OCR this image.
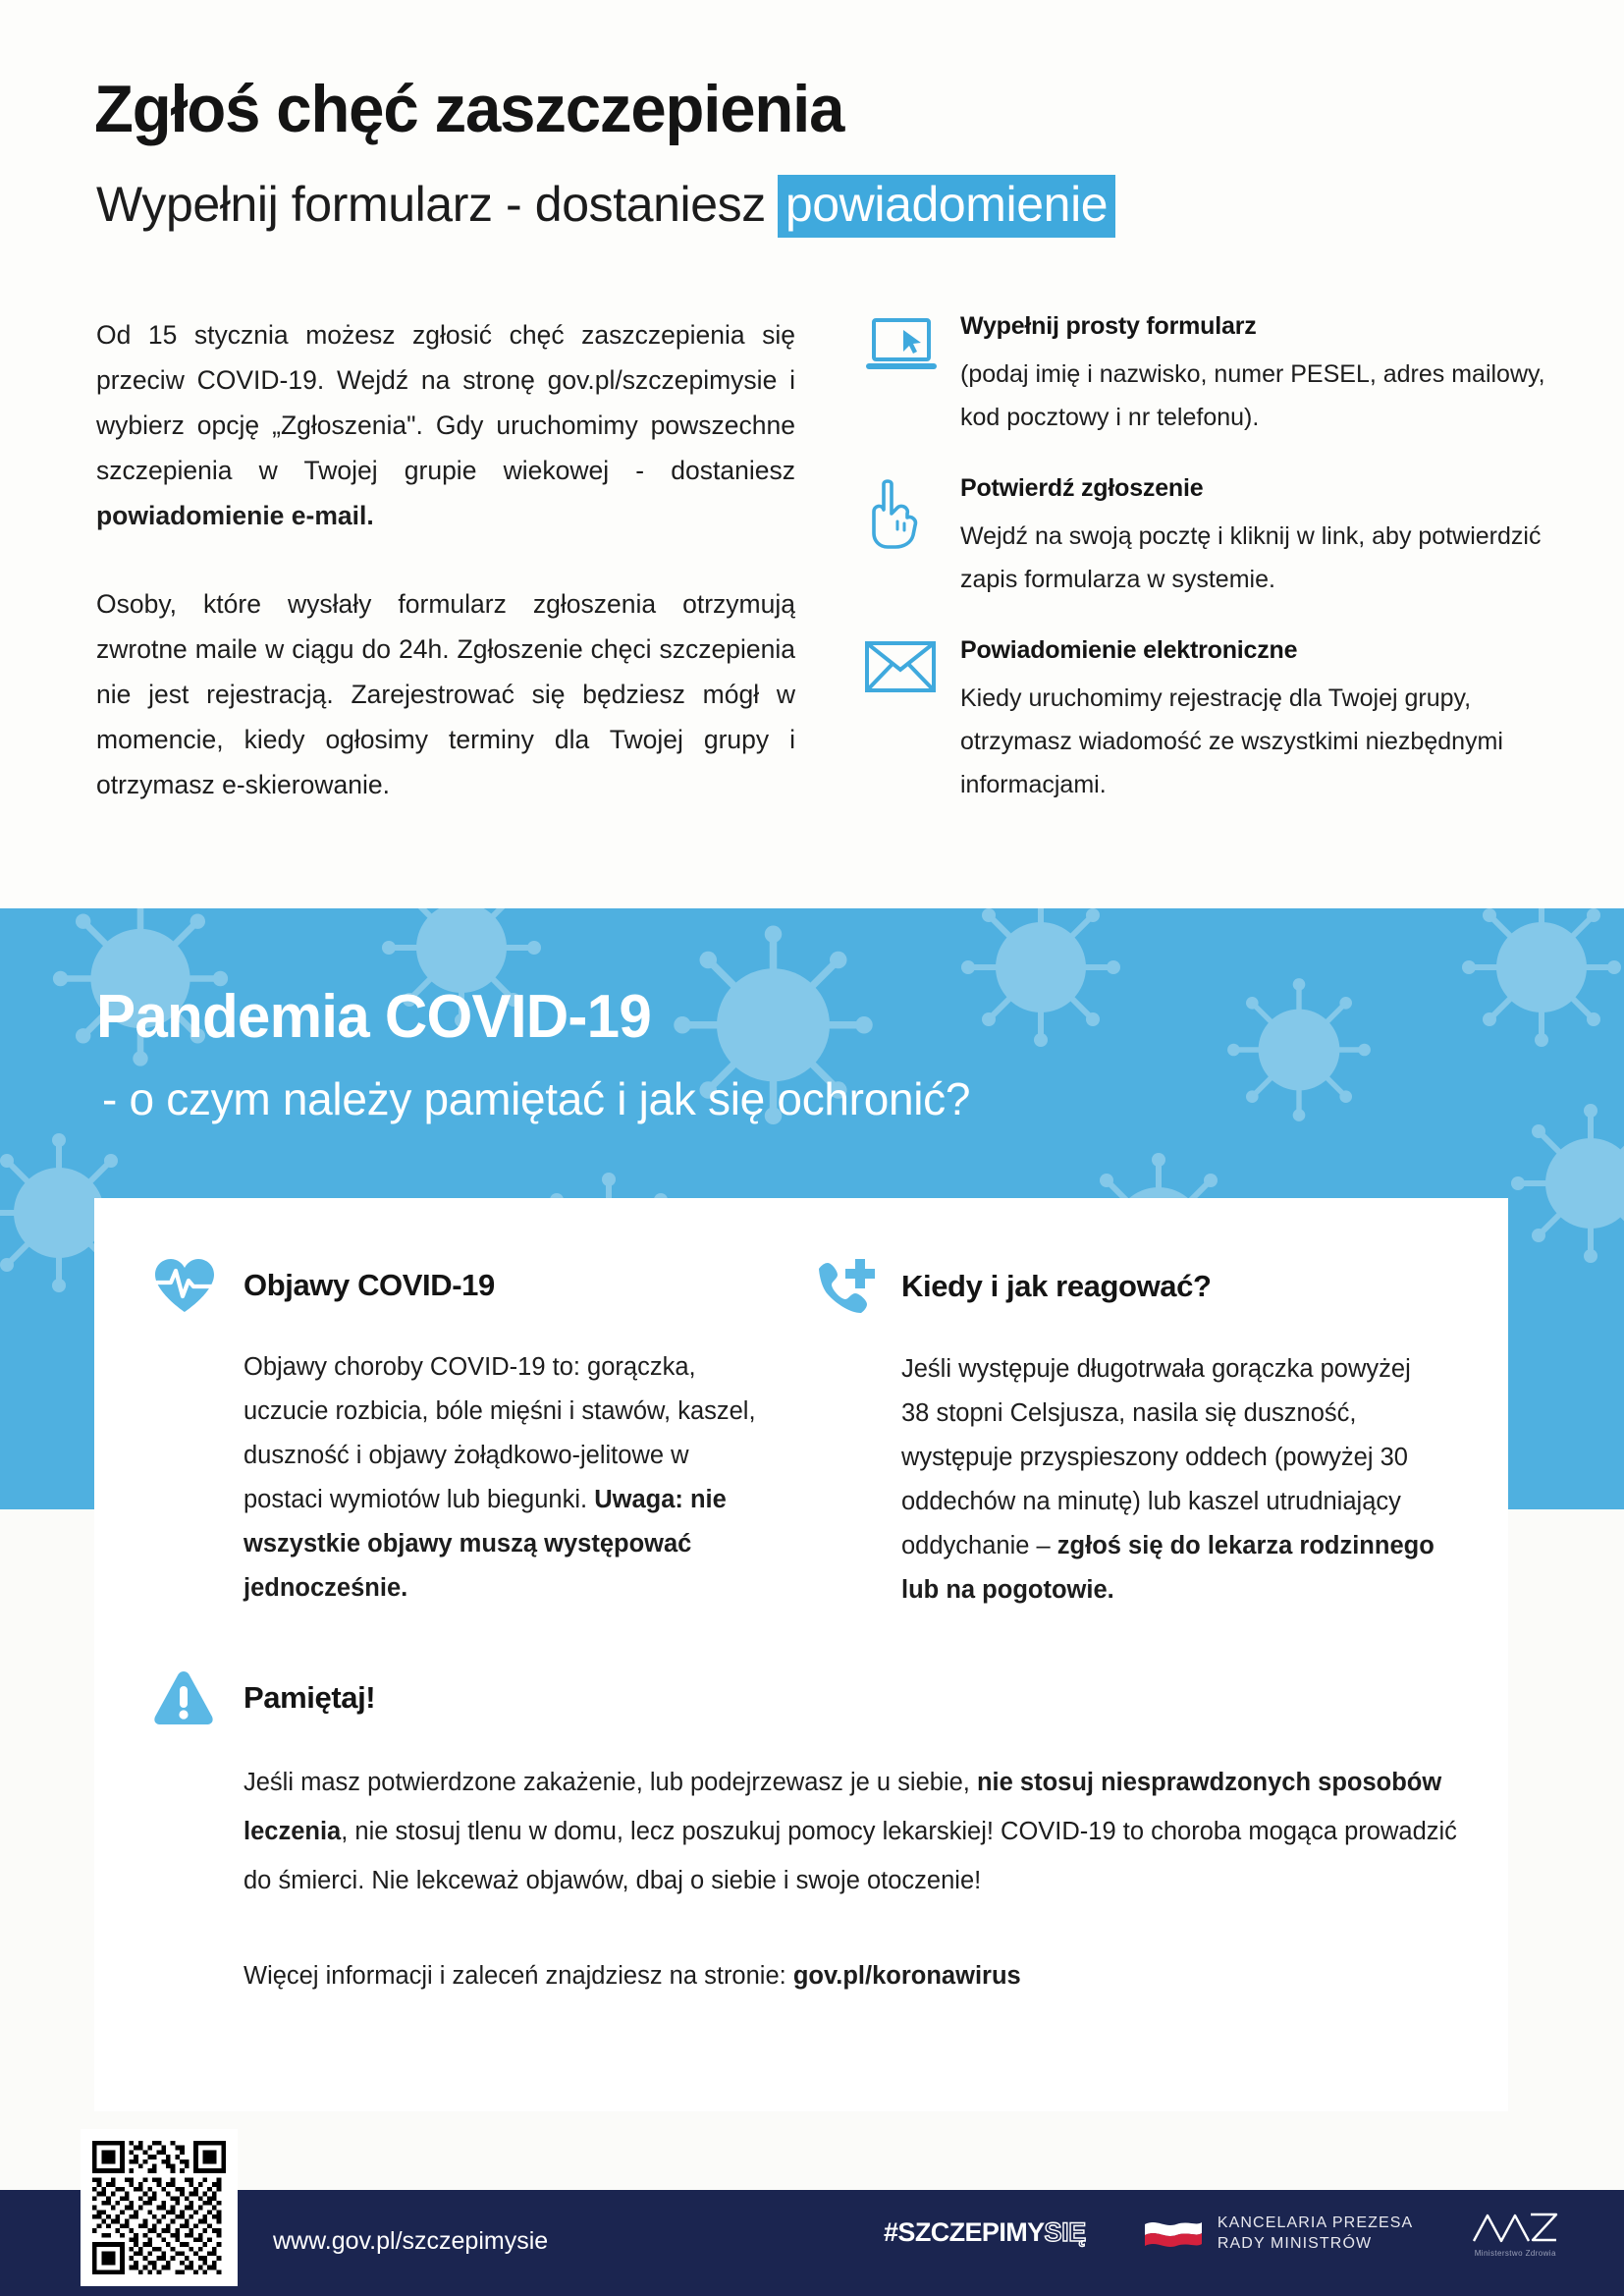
Zgłoś chęć zaszczepienia
Wypełnij formularz - dostaniesz powiadomienie

Od 15 stycznia możesz zgłosić chęć zaszczepienia się przeciw COVID-19. Wejdź na stronę gov.pl/szczepimysie i wybierz opcję „Zgłoszenia". Gdy uruchomimy powszechne szczepienia w Twojej grupie wiekowej - dostaniesz powiadomienie e-mail.

Osoby, które wysłały formularz zgłoszenia otrzymują zwrotne maile w ciągu do 24h. Zgłoszenie chęci szczepienia nie jest rejestracją. Zarejestrować się będziesz mógł w momencie, kiedy ogłosimy terminy dla Twojej grupy i otrzymasz e-skierowanie.

Wypełnij prosty formularz
(podaj imię i nazwisko, numer PESEL, adres mailowy, kod pocztowy i nr telefonu).
Potwierdź zgłoszenie
Wejdź na swoją pocztę i kliknij w link, aby potwierdzić zapis formularza w systemie.
Powiadomienie elektroniczne
Kiedy uruchomimy rejestrację dla Twojej grupy, otrzymasz wiadomość ze wszystkimi niezbędnymi informacjami.
Pandemia COVID-19
- o czym należy pamiętać i jak się ochronić?
Objawy COVID-19
Objawy choroby COVID-19 to: gorączka, uczucie rozbicia, bóle mięśni i stawów, kaszel, duszność i objawy żołądkowo-jelitowe w postaci wymiotów lub biegunki. Uwaga: nie wszystkie objawy muszą występować jednocześnie.
Kiedy i jak reagować?
Jeśli występuje długotrwała gorączka powyżej 38 stopni Celsjusza, nasila się duszność, występuje przyspieszony oddech (powyżej 30 oddechów na minutę) lub kaszel utrudniający oddychanie – zgłoś się do lekarza rodzinnego lub na pogotowie.
Pamiętaj!
Jeśli masz potwierdzone zakażenie, lub podejrzewasz je u siebie, nie stosuj niesprawdzonych sposobów leczenia, nie stosuj tlenu w domu, lecz poszukuj pomocy lekarskiej! COVID-19 to choroba mogąca prowadzić do śmierci. Nie lekceważ objawów, dbaj o siebie i swoje otoczenie!
Więcej informacji i zaleceń znajdziesz na stronie: gov.pl/koronawirus
www.gov.pl/szczepimysie	#SZCZEPIMY SIĘ	KANCELARIA PREZESA
RADY MINISTRÓW
Ministerstwo Zdrowia
